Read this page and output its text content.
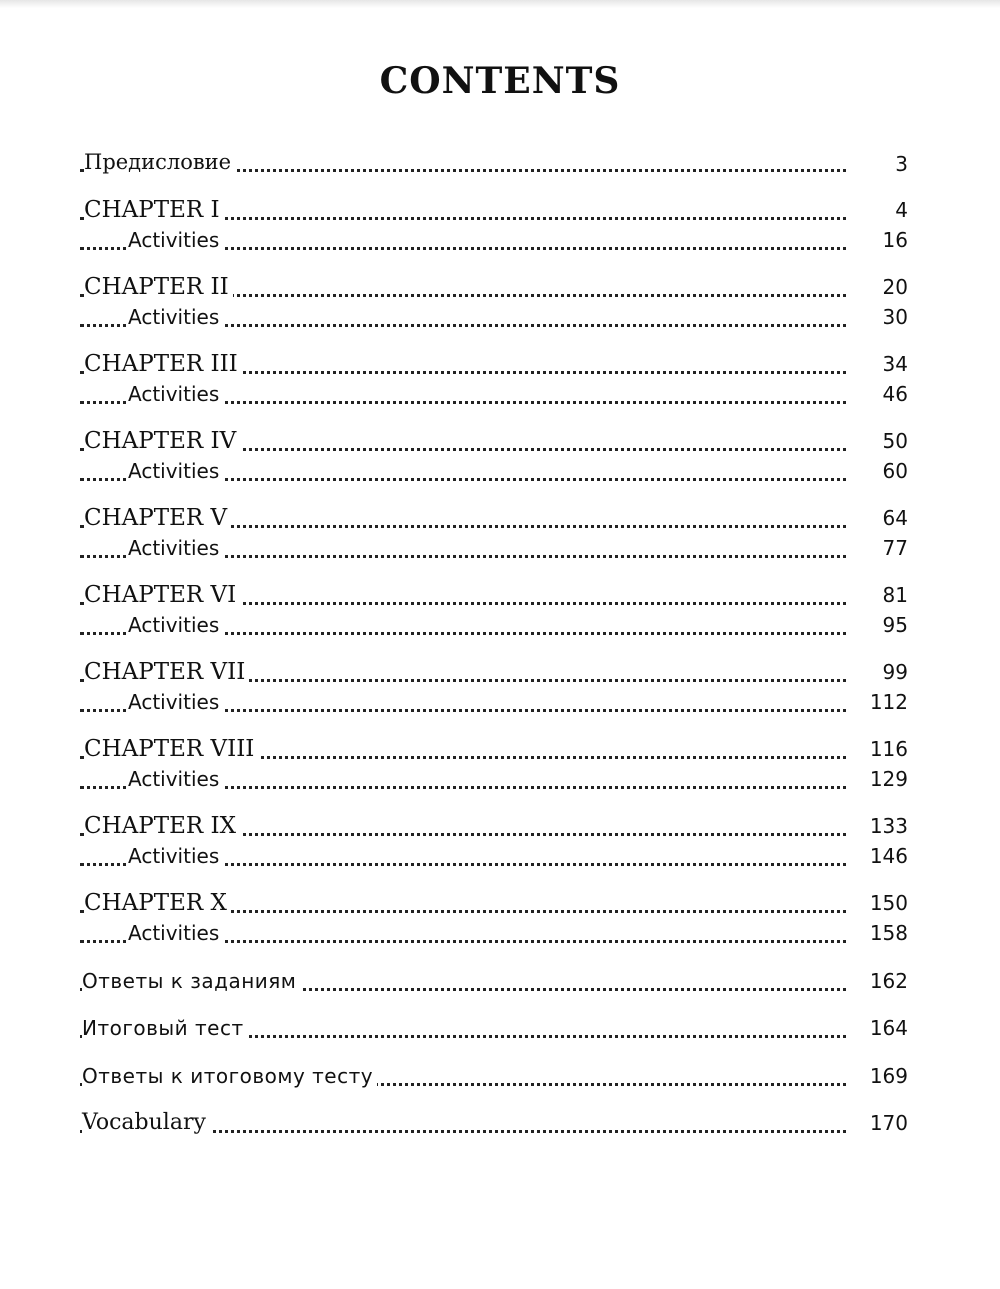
CONTENTS
Предисловие	3
CHAPTER I	4
Activities	16
CHAPTER II	20
Activities	30
CHAPTER III	34
Activities	46
CHAPTER IV	50
Activities	60
CHAPTER V	64
Activities	77
CHAPTER VI	81
Activities	95
CHAPTER VII	99
Activities	112
CHAPTER VIII	116
Activities	129
CHAPTER IX	133
Activities	146
CHAPTER X	150
Activities	158
Ответы к заданиям	162
Итоговый тест	164
Ответы к итоговому тесту	169
Vocabulary	170
